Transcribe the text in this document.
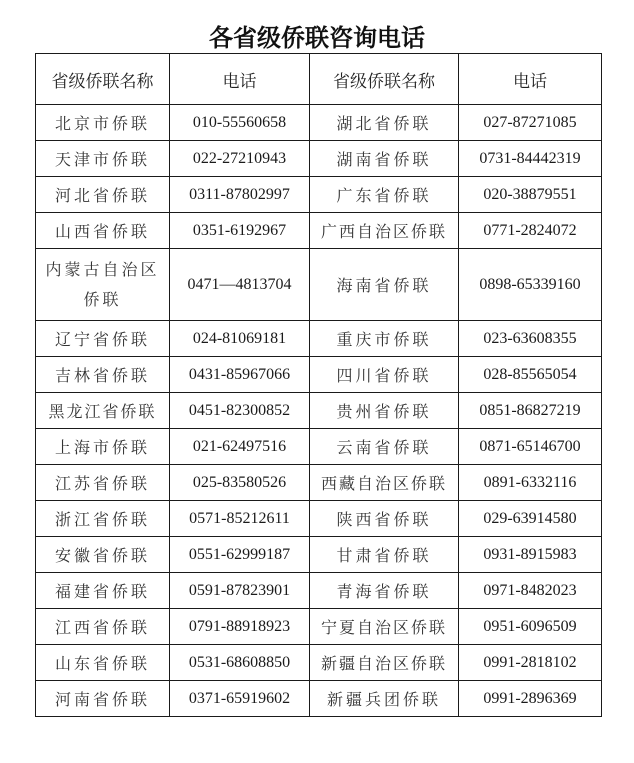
各省级侨联咨询电话
省级侨联名称	电话	省级侨联名称	电话
北京市侨联	010-55560658	湖北省侨联	027-87271085
天津市侨联	022-27210943	湖南省侨联	0731-84442319
河北省侨联	0311-87802997	广东省侨联	020-38879551
山西省侨联	0351-6192967	广西自治区侨联	0771-2824072
内蒙古自治区侨联	0471—4813704	海南省侨联	0898-65339160
辽宁省侨联	024-81069181	重庆市侨联	023-63608355
吉林省侨联	0431-85967066	四川省侨联	028-85565054
黑龙江省侨联	0451-82300852	贵州省侨联	0851-86827219
上海市侨联	021-62497516	云南省侨联	0871-65146700
江苏省侨联	025-83580526	西藏自治区侨联	0891-6332116
浙江省侨联	0571-85212611	陕西省侨联	029-63914580
安徽省侨联	0551-62999187	甘肃省侨联	0931-8915983
福建省侨联	0591-87823901	青海省侨联	0971-8482023
江西省侨联	0791-88918923	宁夏自治区侨联	0951-6096509
山东省侨联	0531-68608850	新疆自治区侨联	0991-2818102
河南省侨联	0371-65919602	新疆兵团侨联	0991-2896369
